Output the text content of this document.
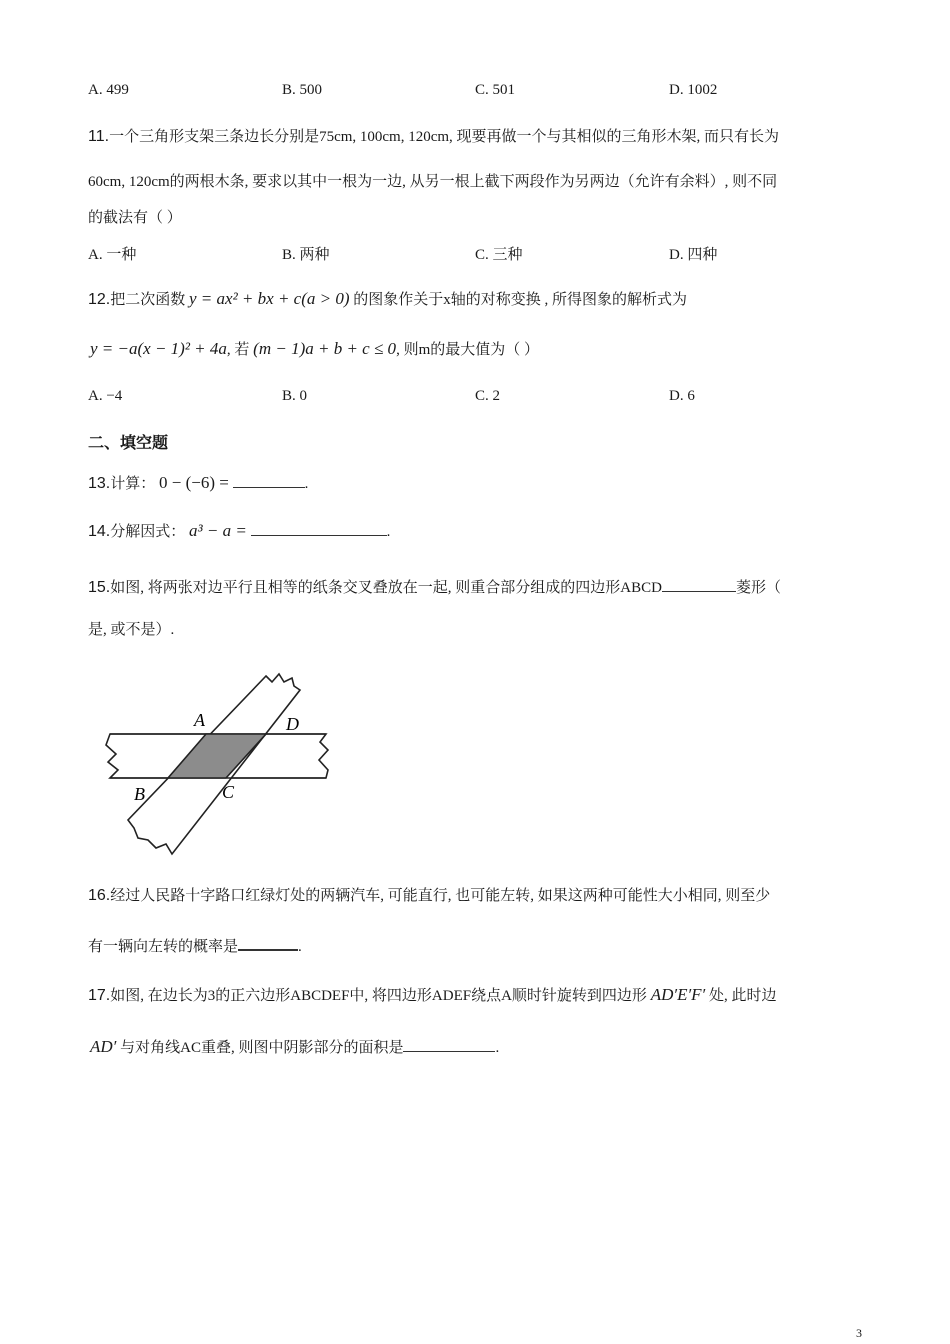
A. 499	B. 500	C. 501	D. 1002
11.一个三角形支架三条边长分别是75cm, 100cm, 120cm, 现要再做一个与其相似的三角形木架, 而只有长为
60cm, 120cm的两根木条, 要求以其中一根为一边, 从另一根上截下两段作为另两边（允许有余料）, 则不同
的截法有（ ）
A. 一种	B. 两种	C. 三种	D. 四种
12.把二次函数 y = ax² + bx + c(a > 0) 的图象作关于x轴的对称变换 , 所得图象的解析式为
y = −a(x − 1)² + 4a, 若 (m − 1)a + b + c ≤ 0, 则m的最大值为（ ）
A. −4	B. 0	C. 2	D. 6
二、填空题
13.计算： 0 − (−6) =	.
14.分解因式： a³ − a =	.
15.如图, 将两张对边平行且相等的纸条交叉叠放在一起, 则重合部分组成的四边形ABCD	菱形（
是, 或不是）.
A	D
B	C
16.经过人民路十字路口红绿灯处的两辆汽车, 可能直行, 也可能左转, 如果这两种可能性大小相同, 则至少
有一辆向左转的概率是	.
17.如图, 在边长为3的正六边形ABCDEF中, 将四边形ADEF绕点A顺时针旋转到四边形 AD′E′F′ 处, 此时边
AD′ 与对角线AC重叠, 则图中阴影部分的面积是	.
3
